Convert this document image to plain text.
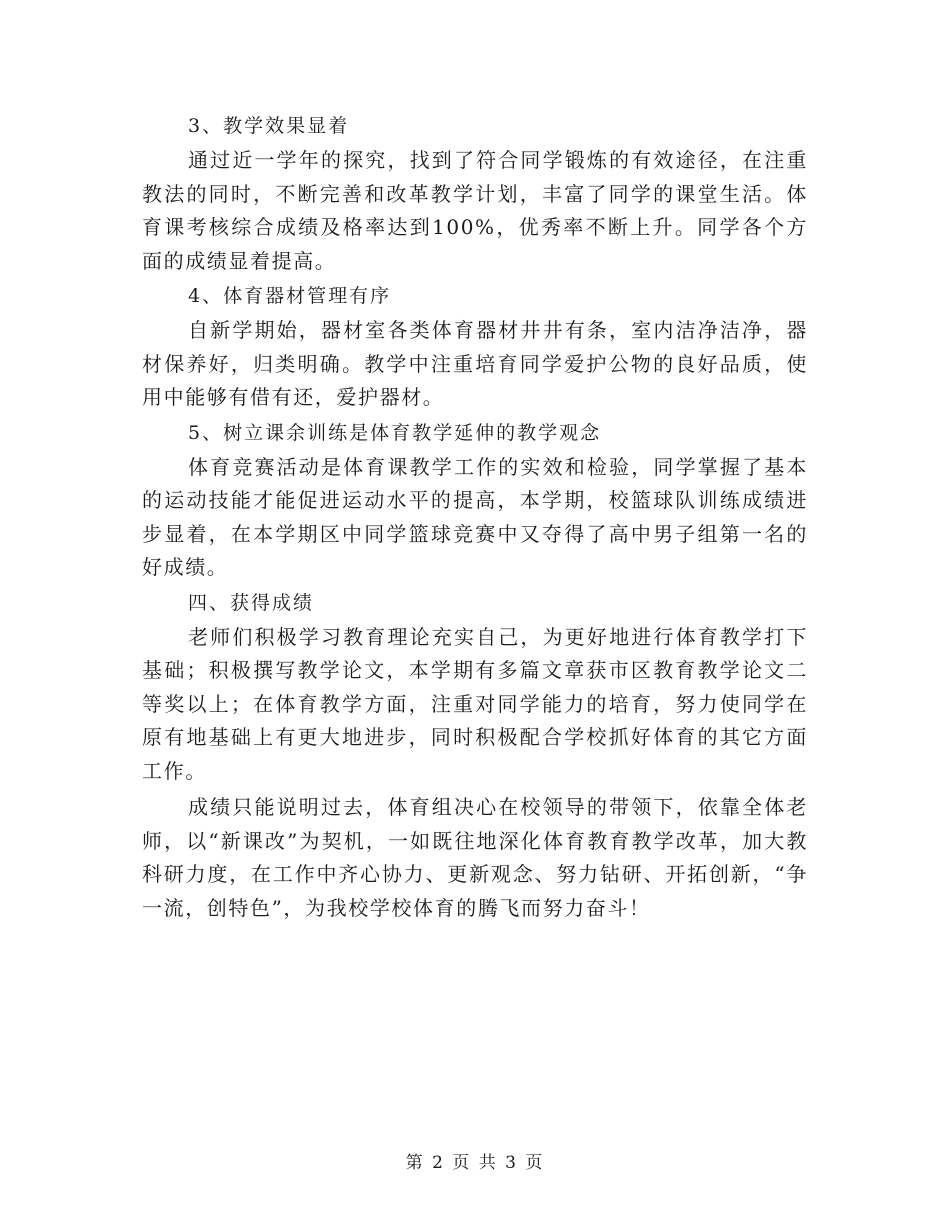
3、教学效果显着
通过近一学年的探究，找到了符合同学锻炼的有效途径，在注重教法的同时，不断完善和改革教学计划，丰富了同学的课堂生活。体育课考核综合成绩及格率达到100%，优秀率不断上升。同学各个方面的成绩显着提高。
4、体育器材管理有序
自新学期始，器材室各类体育器材井井有条，室内洁净洁净，器材保养好，归类明确。教学中注重培育同学爱护公物的良好品质，使用中能够有借有还，爱护器材。
5、树立课余训练是体育教学延伸的教学观念
体育竞赛活动是体育课教学工作的实效和检验，同学掌握了基本的运动技能才能促进运动水平的提高，本学期，校篮球队训练成绩进步显着，在本学期区中同学篮球竞赛中又夺得了高中男子组第一名的好成绩。
四、获得成绩
老师们积极学习教育理论充实自己，为更好地进行体育教学打下基础；积极撰写教学论文，本学期有多篇文章获市区教育教学论文二等奖以上；在体育教学方面，注重对同学能力的培育，努力使同学在原有地基础上有更大地进步，同时积极配合学校抓好体育的其它方面工作。
成绩只能说明过去，体育组决心在校领导的带领下，依靠全体老师，以“新课改”为契机，一如既往地深化体育教育教学改革，加大教科研力度，在工作中齐心协力、更新观念、努力钻研、开拓创新，“争一流，创特色”，为我校学校体育的腾飞而努力奋斗！
第 2 页 共 3 页
